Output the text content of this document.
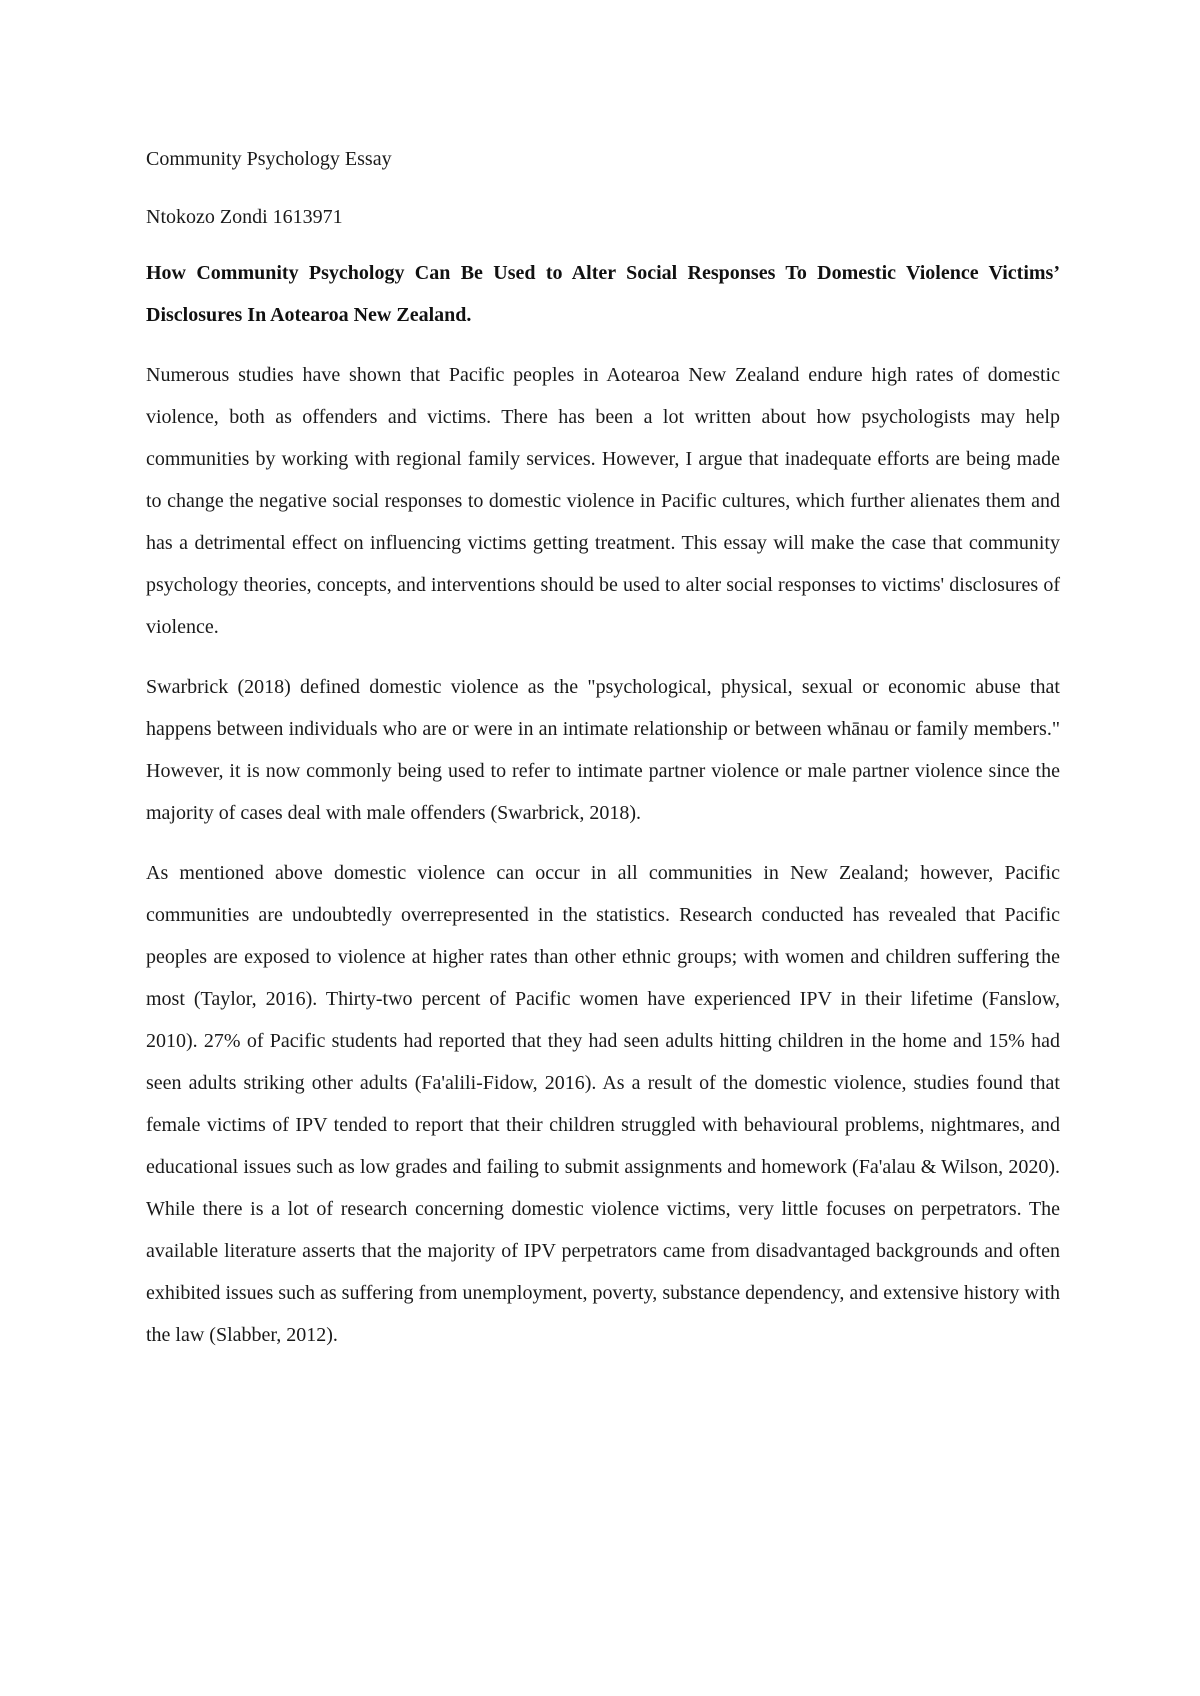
Community Psychology Essay

Ntokozo Zondi 1613971

How Community Psychology Can Be Used to Alter Social Responses To Domestic Violence Victims’ Disclosures In Aotearoa New Zealand.

Numerous studies have shown that Pacific peoples in Aotearoa New Zealand endure high rates of domestic violence, both as offenders and victims. There has been a lot written about how psychologists may help communities by working with regional family services. However, I argue that inadequate efforts are being made to change the negative social responses to domestic violence in Pacific cultures, which further alienates them and has a detrimental effect on influencing victims getting treatment. This essay will make the case that community psychology theories, concepts, and interventions should be used to alter social responses to victims' disclosures of violence.

Swarbrick (2018) defined domestic violence as the "psychological, physical, sexual or economic abuse that happens between individuals who are or were in an intimate relationship or between whānau or family members." However, it is now commonly being used to refer to intimate partner violence or male partner violence since the majority of cases deal with male offenders (Swarbrick, 2018).

As mentioned above domestic violence can occur in all communities in New Zealand; however, Pacific communities are undoubtedly overrepresented in the statistics. Research conducted has revealed that Pacific peoples are exposed to violence at higher rates than other ethnic groups; with women and children suffering the most (Taylor, 2016). Thirty-two percent of Pacific women have experienced IPV in their lifetime (Fanslow, 2010). 27% of Pacific students had reported that they had seen adults hitting children in the home and 15% had seen adults striking other adults (Fa'alili-Fidow, 2016). As a result of the domestic violence, studies found that female victims of IPV tended to report that their children struggled with behavioural problems, nightmares, and educational issues such as low grades and failing to submit assignments and homework (Fa'alau & Wilson, 2020). While there is a lot of research concerning domestic violence victims, very little focuses on perpetrators. The available literature asserts that the majority of IPV perpetrators came from disadvantaged backgrounds and often exhibited issues such as suffering from unemployment, poverty, substance dependency, and extensive history with the law (Slabber, 2012).
